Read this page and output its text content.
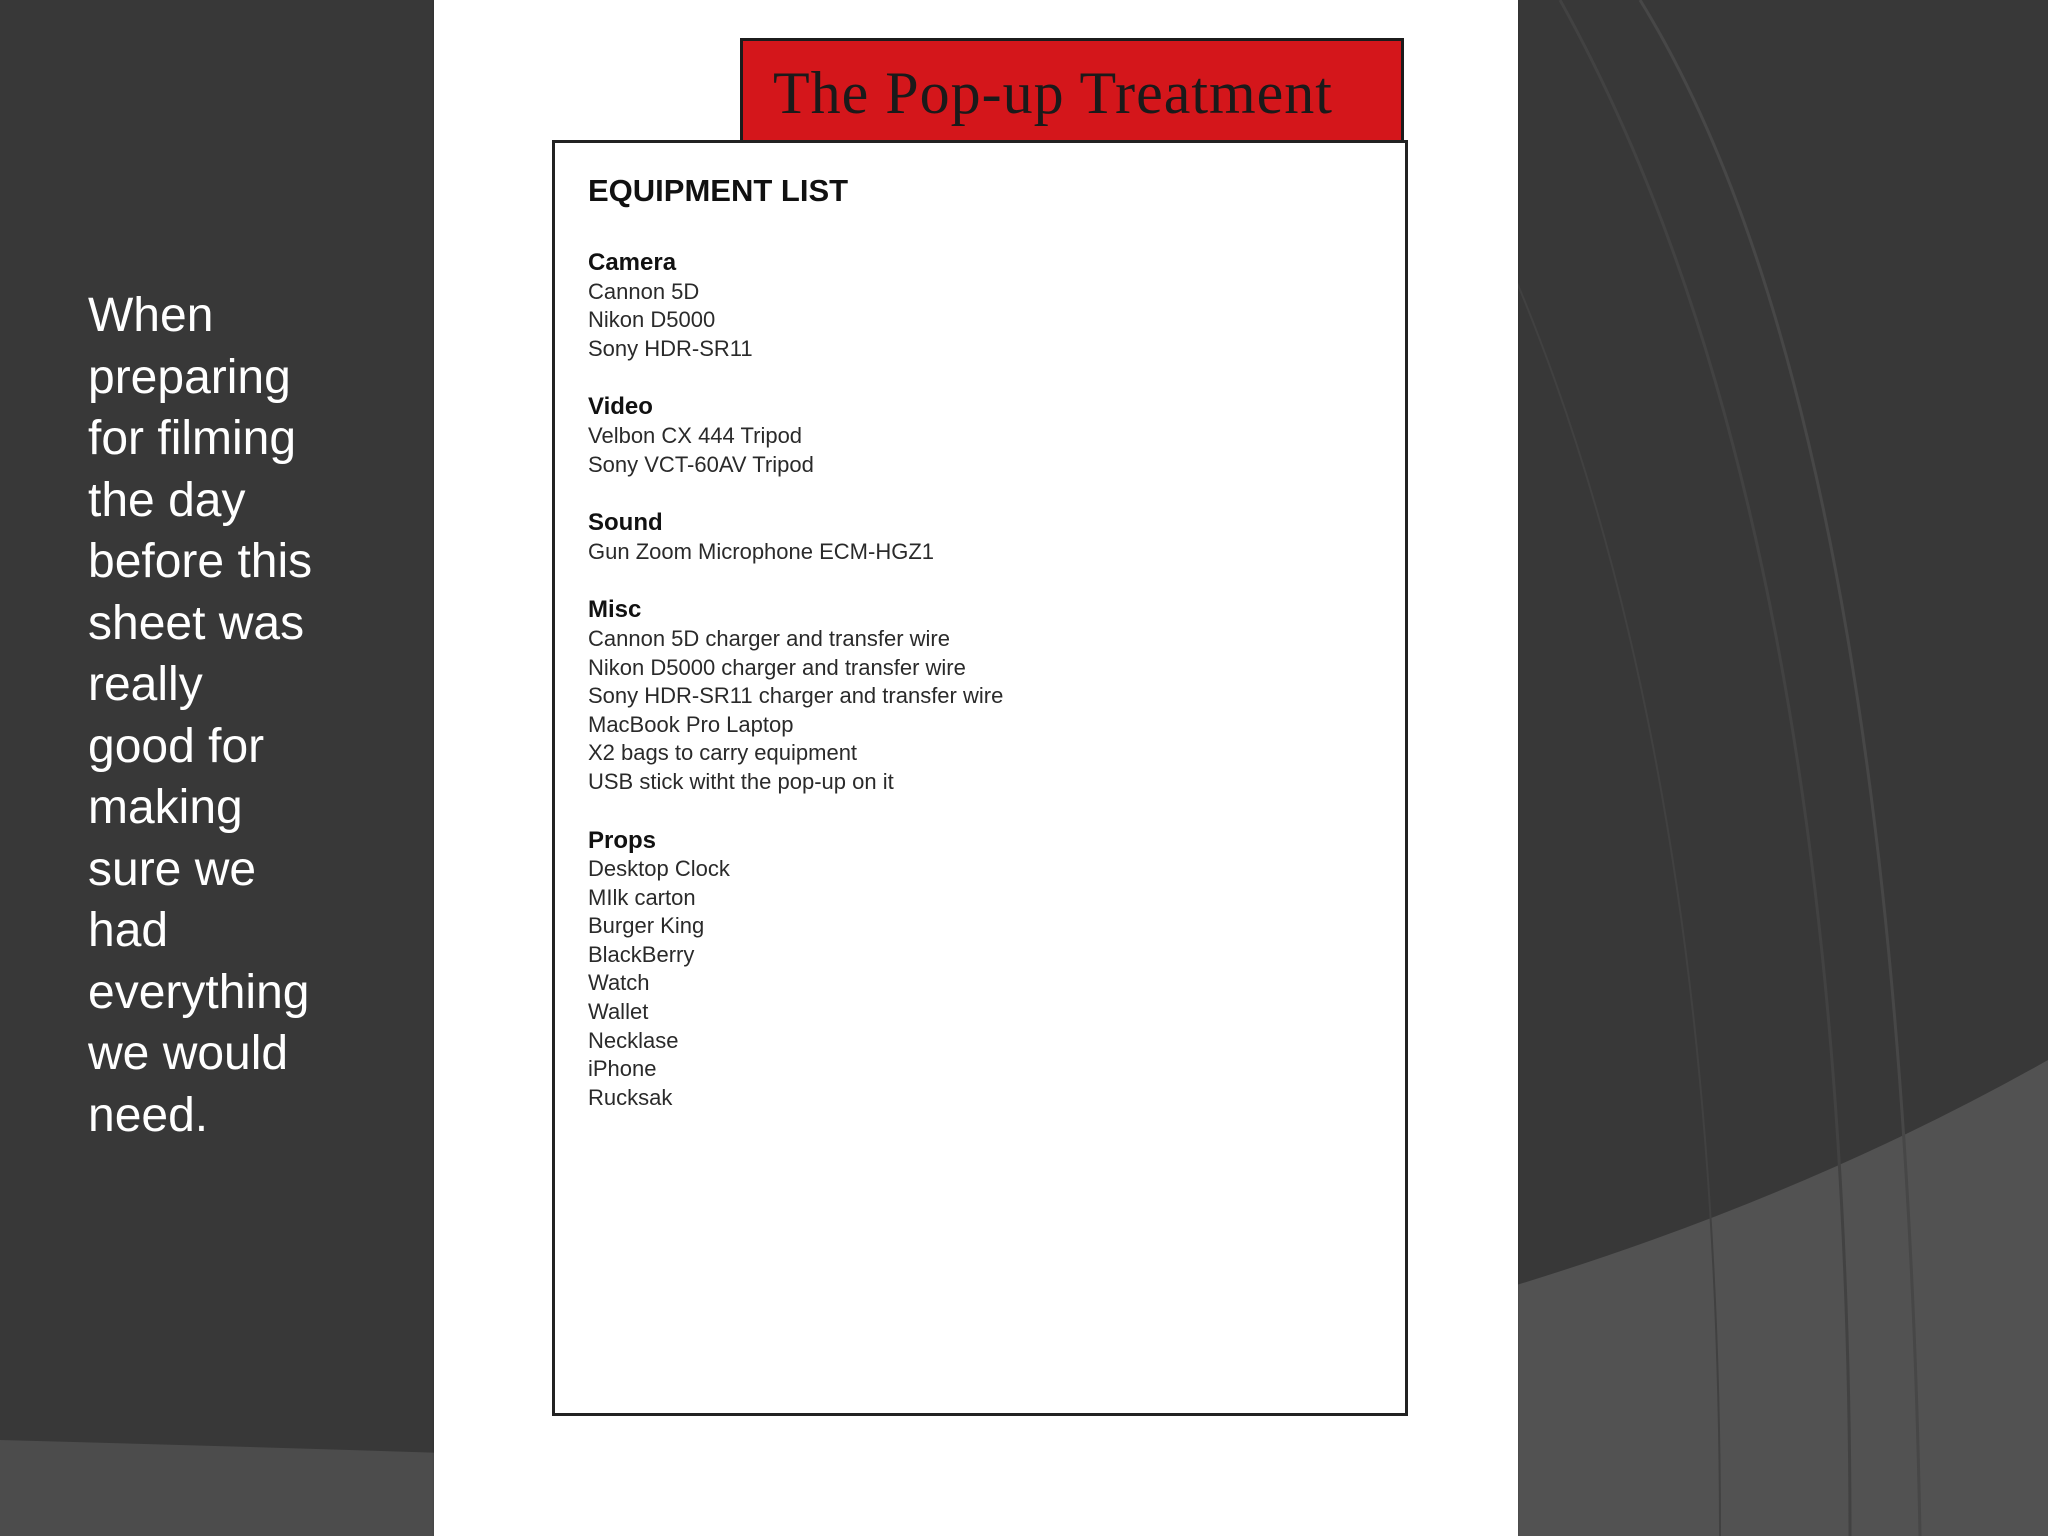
When
preparing
for filming
the day
before this
sheet was
really
good for
making
sure we
had
everything
we would
need.

The Pop-up Treatment
EQUIPMENT LIST
Camera
Cannon 5D
Nikon D5000
Sony HDR-SR11
Video
Velbon CX 444 Tripod
Sony VCT-60AV Tripod
Sound
Gun Zoom Microphone ECM-HGZ1
Misc
Cannon 5D charger and transfer wire
Nikon D5000 charger and transfer wire
Sony HDR-SR11 charger and transfer wire
MacBook Pro Laptop
X2 bags to carry equipment
USB stick witht the pop-up on it
Props
Desktop Clock
MIlk carton
Burger King
BlackBerry
Watch
Wallet
Necklase
iPhone
Rucksak
